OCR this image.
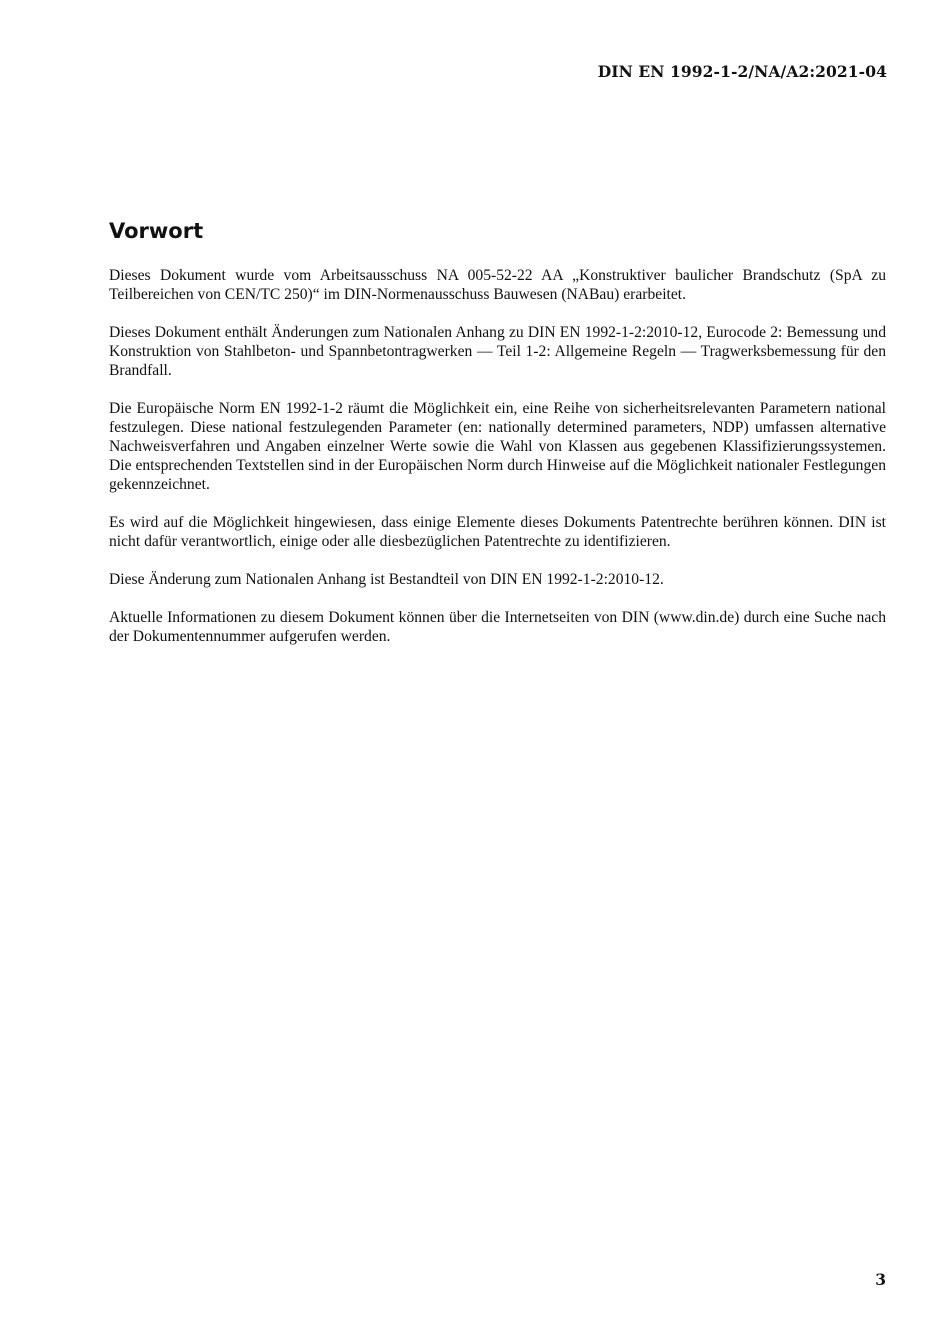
DIN EN 1992-1-2/NA/A2:2021-04
Vorwort

Dieses Dokument wurde vom Arbeitsausschuss NA 005-52-22 AA „Konstruktiver baulicher Brandschutz (SpA zu Teilbereichen von CEN/TC 250)“ im DIN-Normenausschuss Bauwesen (NABau) erarbeitet.

Dieses Dokument enthält Änderungen zum Nationalen Anhang zu DIN EN 1992-1-2:2010-12, Eurocode 2: Bemessung und Konstruktion von Stahlbeton- und Spannbetontragwerken — Teil 1-2: Allgemeine Regeln — Tragwerksbemessung für den Brandfall.

Die Europäische Norm EN 1992-1-2 räumt die Möglichkeit ein, eine Reihe von sicherheitsrelevanten Parametern national festzulegen. Diese national festzulegenden Parameter (en: nationally determined parameters, NDP) umfassen alternative Nachweisverfahren und Angaben einzelner Werte sowie die Wahl von Klassen aus gegebenen Klassifizierungssystemen. Die entsprechenden Textstellen sind in der Europäischen Norm durch Hinweise auf die Möglichkeit nationaler Festlegungen gekennzeichnet.

Es wird auf die Möglichkeit hingewiesen, dass einige Elemente dieses Dokuments Patentrechte berühren können. DIN ist nicht dafür verantwortlich, einige oder alle diesbezüglichen Patentrechte zu identifizieren.

Diese Änderung zum Nationalen Anhang ist Bestandteil von DIN EN 1992-1-2:2010-12.

Aktuelle Informationen zu diesem Dokument können über die Internetseiten von DIN (www.din.de) durch eine Suche nach der Dokumentennummer aufgerufen werden.

3
